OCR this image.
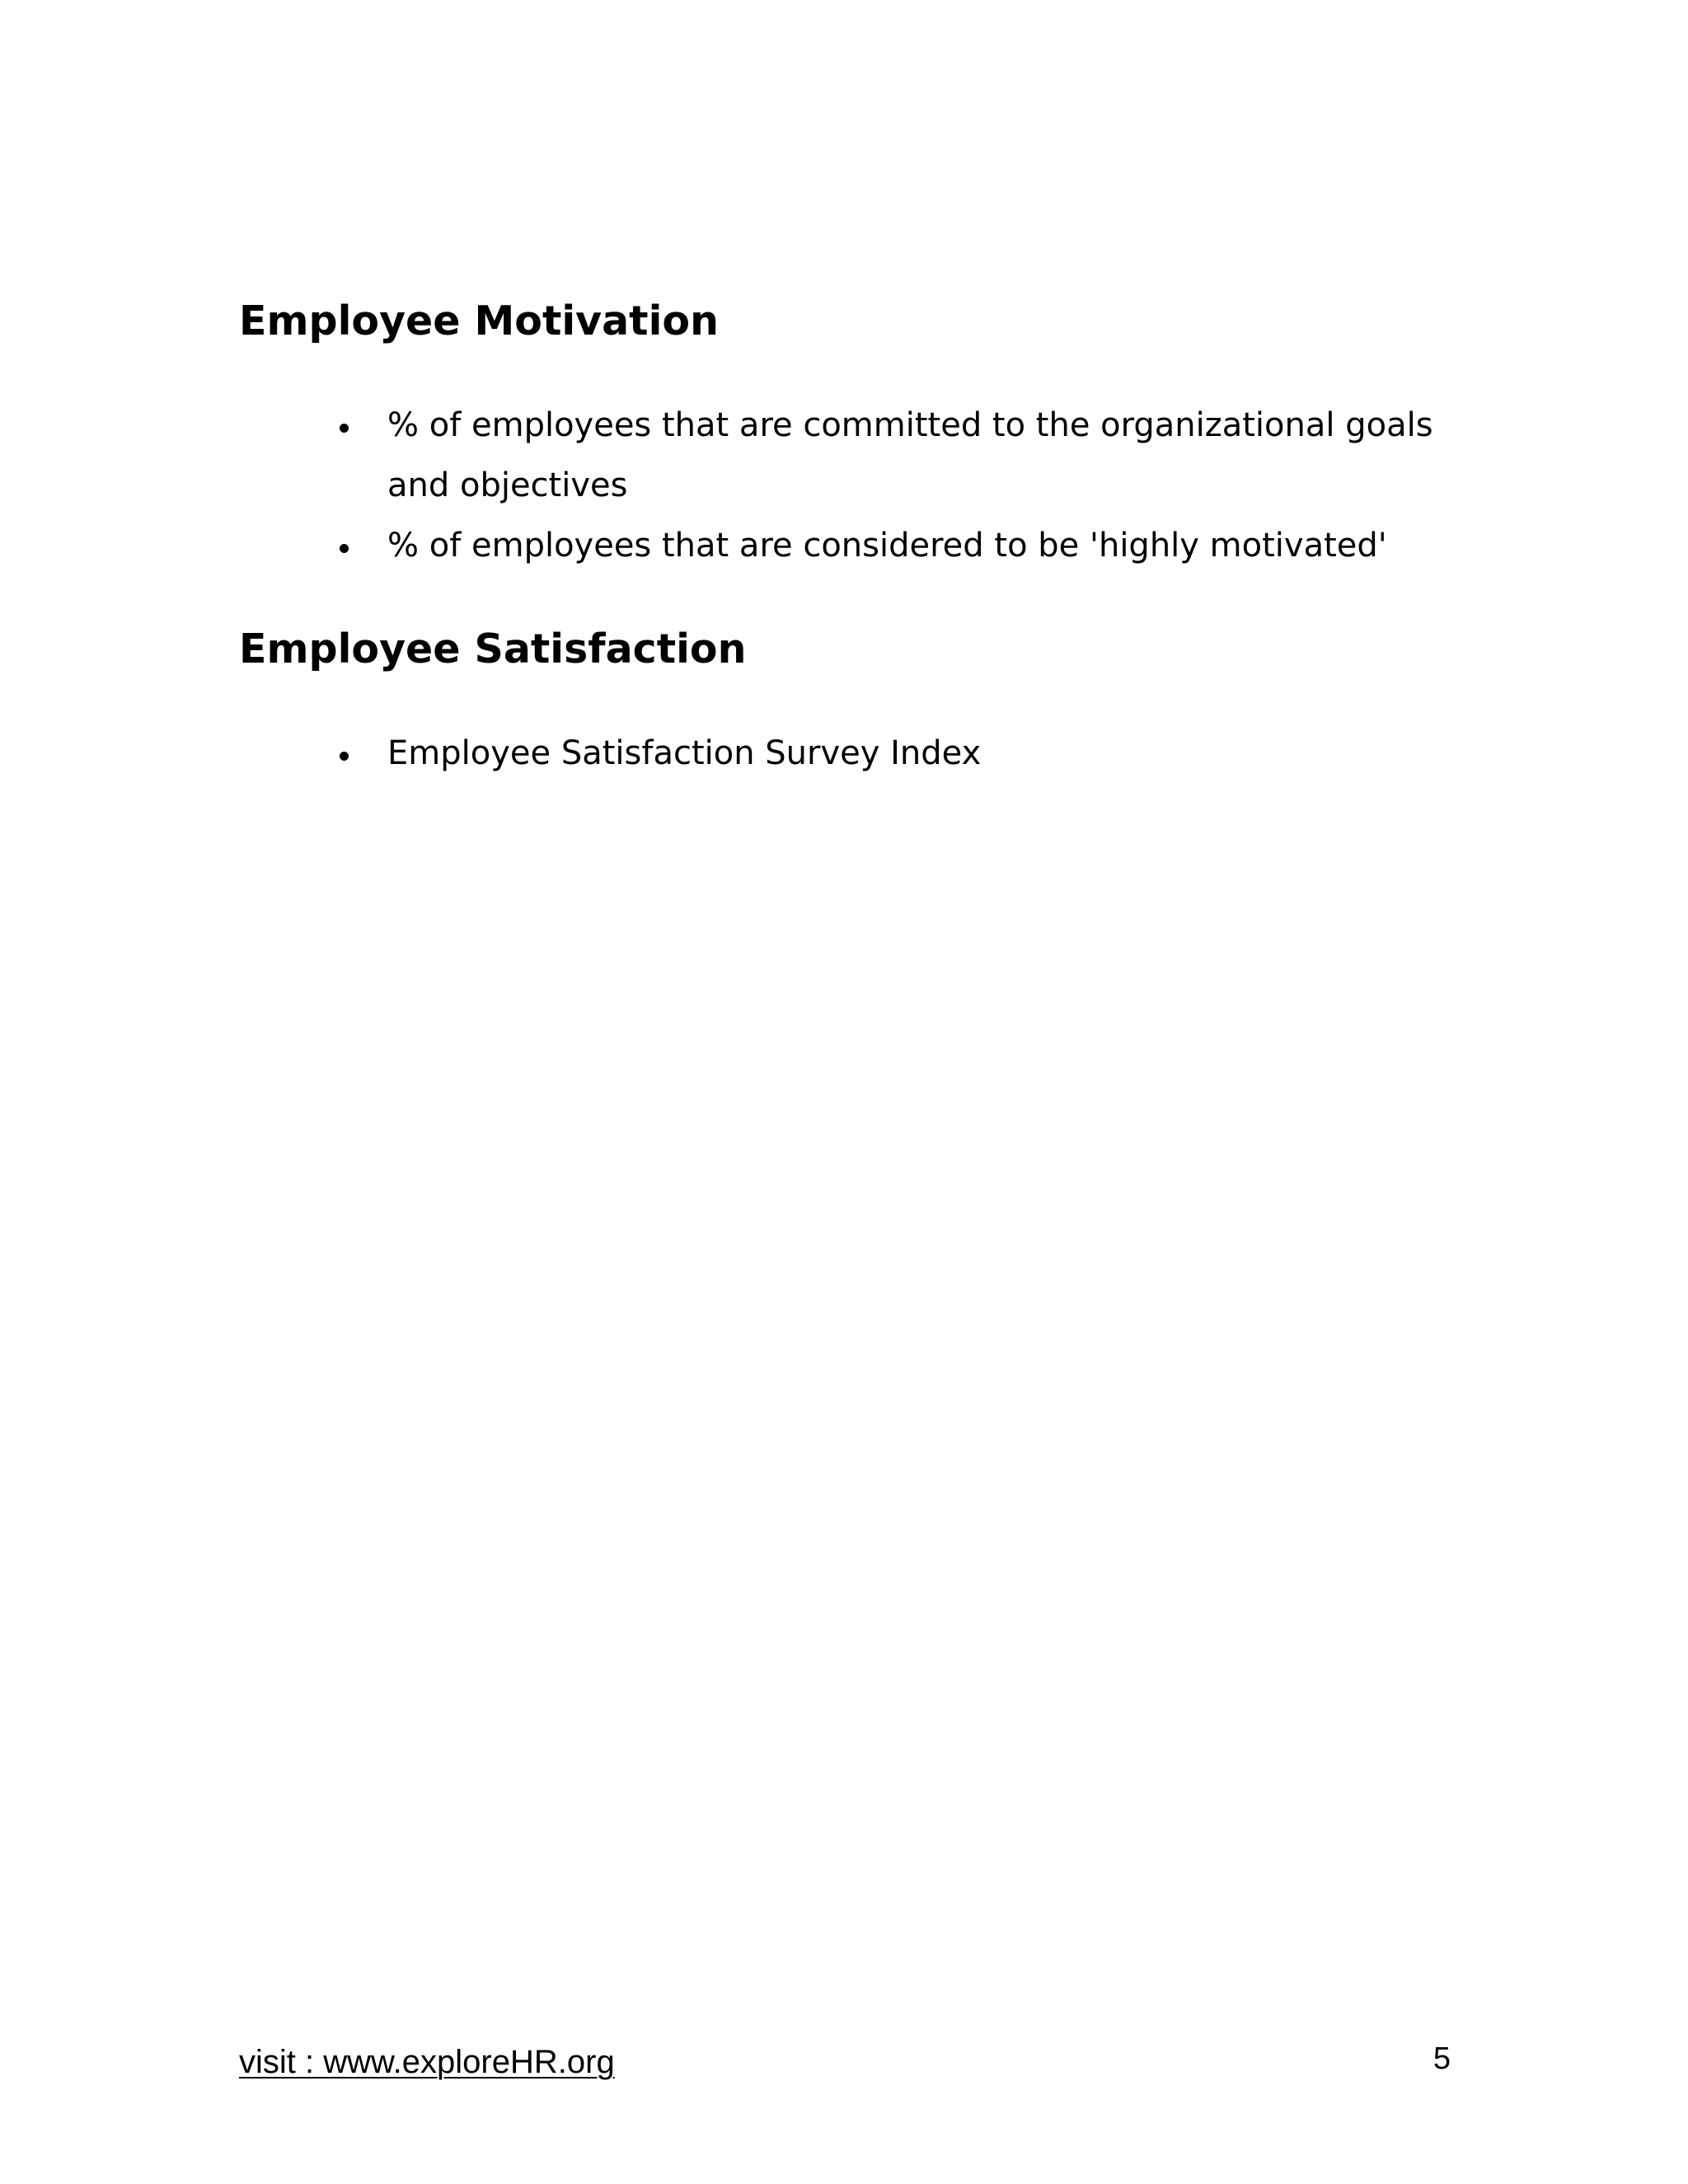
Employee Motivation
% of employees that are committed to the organizational goals and objectives
% of employees that are considered to be 'highly motivated'
Employee Satisfaction
Employee Satisfaction Survey Index
visit : www.exploreHR.org	5
